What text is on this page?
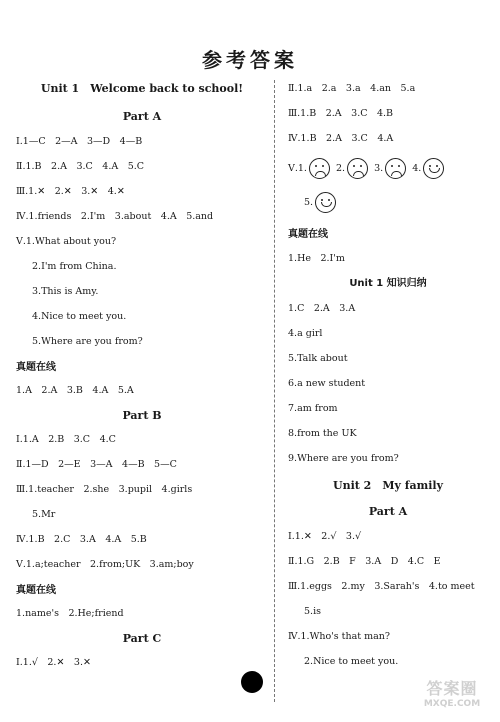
参考答案
Unit 1　Welcome back to school!
Part A
Ⅰ.1—C　2—A　3—D　4—B
Ⅱ.1.B　2.A　3.C　4.A　5.C
Ⅲ.1.✕　2.✕　3.✕　4.✕
Ⅳ.1.friends　2.I'm　3.about　4.A　5.and
Ⅴ.1.What about you?
2.I'm from China.
3.This is Amy.
4.Nice to meet you.
5.Where are you from?
真题在线
1.A　2.A　3.B　4.A　5.A
Part B
Ⅰ.1.A　2.B　3.C　4.C
Ⅱ.1—D　2—E　3—A　4—B　5—C
Ⅲ.1.teacher　2.she　3.pupil　4.girls
5.Mr
Ⅳ.1.B　2.C　3.A　4.A　5.B
Ⅴ.1.a;teacher　2.from;UK　3.am;boy
真题在线
1.name's　2.He;friend
Part C
Ⅰ.1.√　2.✕　3.✕
Ⅱ.1.a　2.a　3.a　4.an　5.a
Ⅲ.1.B　2.A　3.C　4.B
Ⅳ.1.B　2.A　3.C　4.A
Ⅴ.1.	2.	3.	4.
5.
真题在线
1.He　2.I'm
Unit 1 知识归纳
1.C　2.A　3.A
4.a girl
5.Talk about
6.a new student
7.am from
8.from the UK
9.Where are you from?
Unit 2　My family
Part A
Ⅰ.1.✕　2.√　3.√
Ⅱ.1.G　2.B　F　3.A　D　4.C　E
Ⅲ.1.eggs　2.my　3.Sarah's　4.to meet
5.is
Ⅳ.1.Who's that man?
2.Nice to meet you.
答案圈
MXQE.COM
